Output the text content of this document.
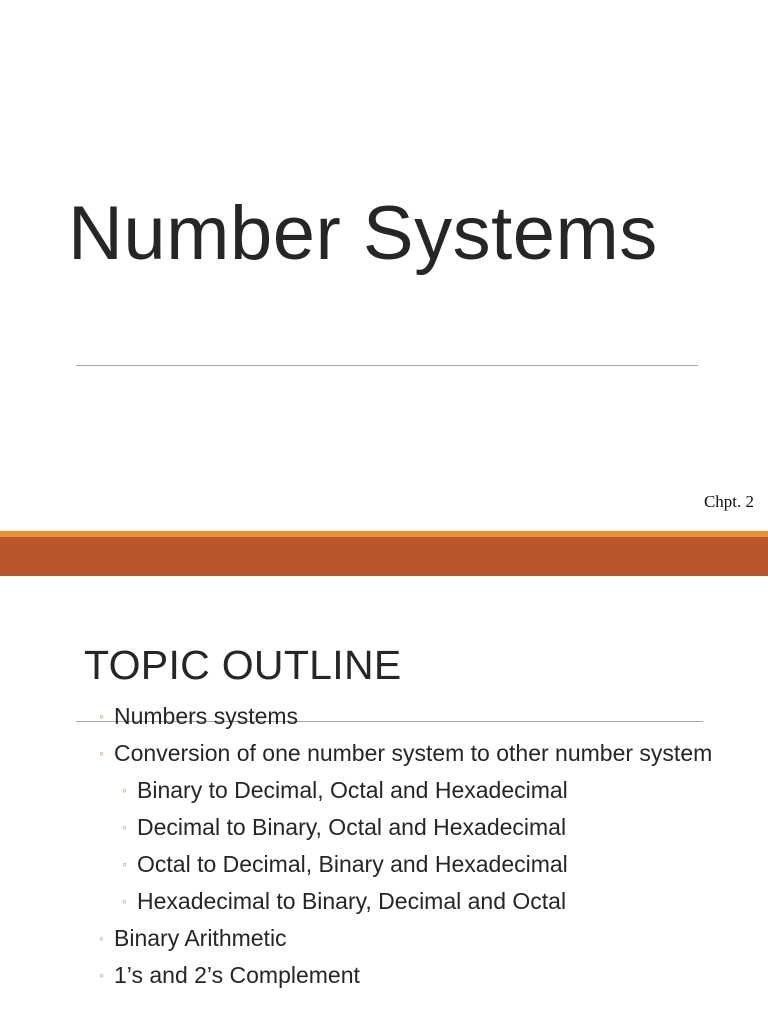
Number Systems
Chpt. 2
TOPIC OUTLINE
◦ Numbers systems
◦ Conversion of one number system to other number system
◦ Binary to Decimal, Octal and Hexadecimal
◦ Decimal to Binary, Octal and Hexadecimal
◦ Octal to Decimal, Binary and Hexadecimal
◦ Hexadecimal to Binary, Decimal and Octal
◦ Binary Arithmetic
◦ 1’s and 2’s Complement
